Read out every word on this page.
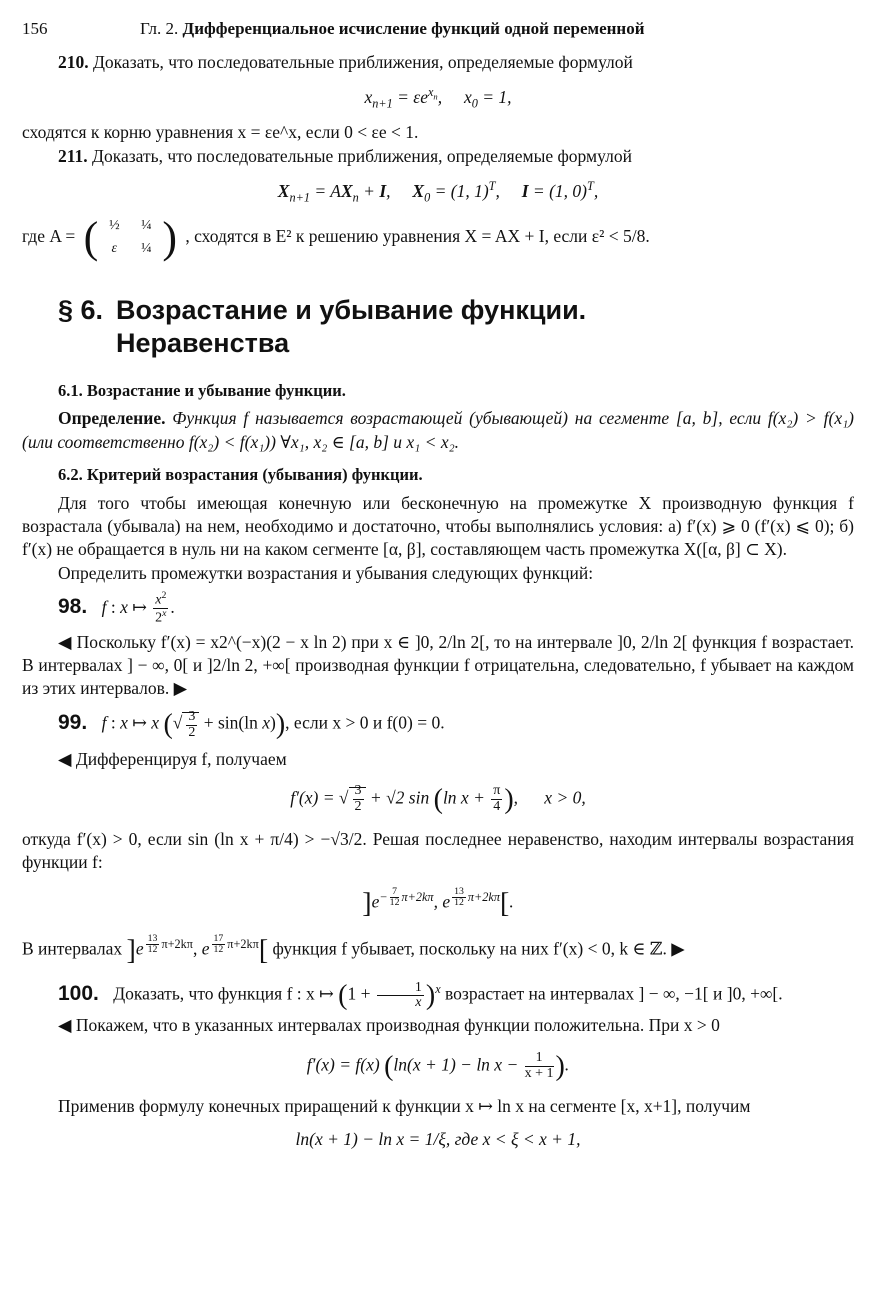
156	Гл. 2. Дифференциальное исчисление функций одной переменной

210. Доказать, что последовательные приближения, определяемые формулой

$x_{n+1} = \varepsilon e^{x_n}$,     $x_0 = 1$,

сходятся к корню уравнения x = εe^x, если 0 < εe < 1.

211. Доказать, что последовательные приближения, определяемые формулой

$X_{n+1} = AX_n + I$,     $X_0 = (1$, 1)$^T$,     I = (1, 0)$^T$,

где A = ( ½	¼
ε	¼ ) , сходятся в E² к решению уравнения X = AX + I, если ε² < 5/8.

§ 6. Возрастание и убывание функции.
Неравенства
6.1. Возрастание и убывание функции.

Определение. Функция f называется возрастающей (убывающей) на сегменте [a, b], если f(x₂) > f(x₁) (или соответственно f(x₂) < f(x₁)) ∀x₁, x₂ ∈ [a, b] и x₁ < x₂.

6.2. Критерий возрастания (убывания) функции.

Для того чтобы имеющая конечную или бесконечную на промежутке X производную функция f возрастала (убывала) на нем, необходимо и достаточно, чтобы выполнялись условия: а) f′(x) ⩾ 0 (f′(x) ⩽ 0); б) f′(x) не обращается в нуль ни на каком сегменте [α, β], составляющем часть промежутка X([α, β] ⊂ X).

Определить промежутки возрастания и убывания следующих функций:

98. f : x ↦ $\frac{x^2}{2^x}$ .

◀ Поскольку f′(x) = x2^(−x)(2 − x ln 2) при x ∈ ]0, 2/ln 2[, то на интервале ]0, 2/ln 2[ функция f возрастает. В интервалах ] − ∞, 0[ и ]2/ln 2, +∞[ производная функции f отрицательна, следовательно, f убывает на каждом из этих интервалов. ▶

99. f : x ↦ x (√ $\frac{3}{2} + \sin(\ln$ x)), если x > 0 и f(0) = 0.

◀ Дифференцируя f, получаем

f′(x) = √ $\frac{3}{2} + √2$ sin (ln $x + \frac{\pi}{4}$ ),      x > 0,

откуда f′(x) > 0, если sin (ln x + π/4) > −√3/2. Решая последнее неравенство, находим интервалы возрастания функции f:

]$e^{- \frac{7}{12} \pi+2k\pi}$, e $^{\frac{13}{12} \pi+2k\pi}$[.

В интервалах ]e $^{\frac{13}{12} \pi+2k\pi}$, e $^{\frac{17}{12} \pi+2k\pi}$[ функция f убывает, поскольку на них f′(x) < 0, k ∈ ℤ. ▶

100. Доказать, что функция f : x ↦ $(1 + \frac{1}{x} )^x$ возрастает на интервалах ] − ∞, −1[ и ]0, +∞[.

◀ Покажем, что в указанных интервалах производная функции положительна. При x > 0

f′(x) = f(x) ($\ln(x + 1) - \ln x - \frac{1}{x + 1}$ ).

Применив формулу конечных приращений к функции x ↦ ln x на сегменте [x, x+1], получим

ln(x + 1) − ln x = 1/ξ, где x < ξ < x + 1,
